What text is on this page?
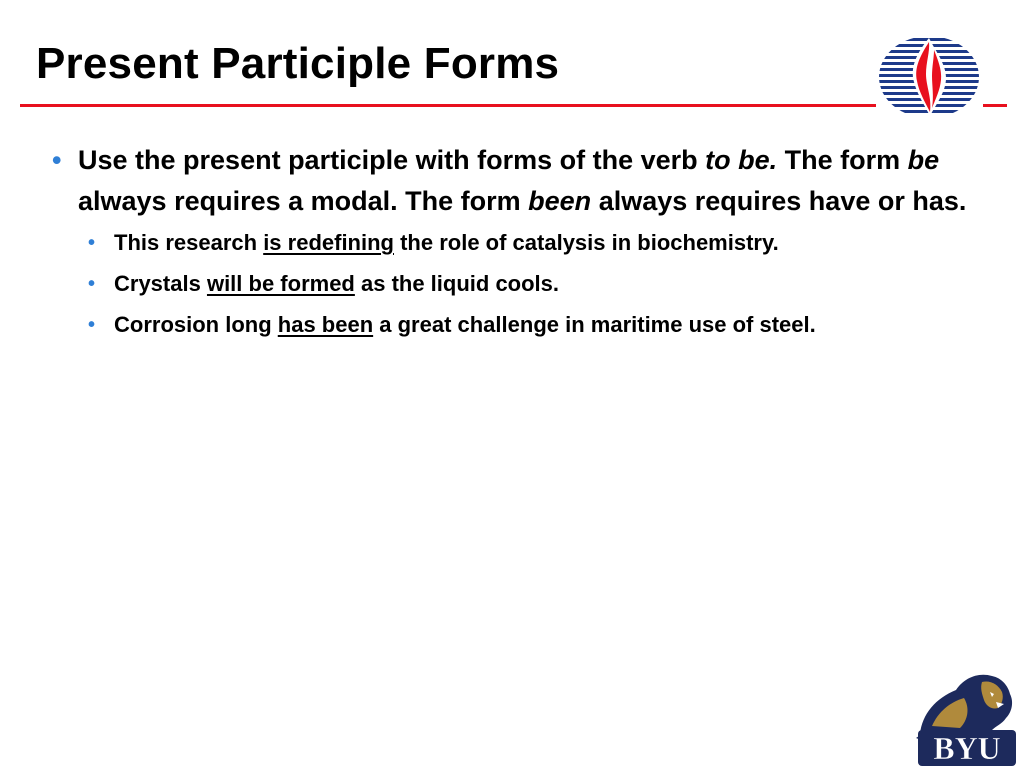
Present Participle Forms
• Use the present participle with forms of the verb to be. The form be always requires a modal. The form been always requires have or has.
• This research is redefining the role of catalysis in biochemistry.
• Crystals will be formed as the liquid cools.
• Corrosion long has been a great challenge in maritime use of steel.
BYU
